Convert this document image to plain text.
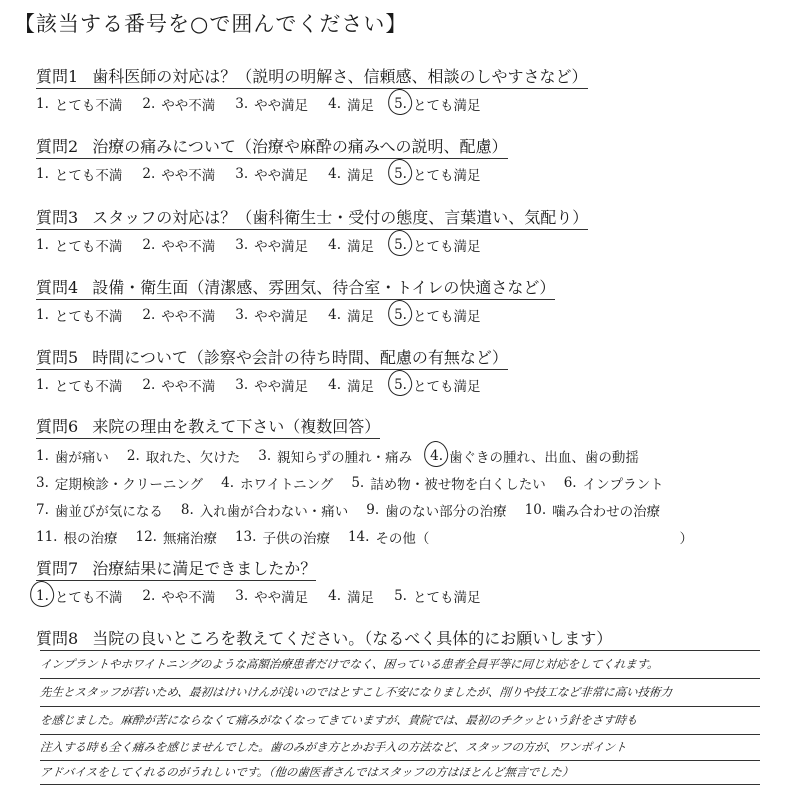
【該当する番号を○で囲んでください】
質問1 歯科医師の対応は？（説明の明解さ、信頼感、相談のしやすさなど）
1. とても不満 2. やや不満 3. やや満足 4. 満足 5. とても満足
質問2 治療の痛みについて（治療や麻酔の痛みへの説明、配慮）
1. とても不満 2. やや不満 3. やや満足 4. 満足 5. とても満足
質問3 スタッフの対応は？（歯科衛生士・受付の態度、言葉遣い、気配り）
1. とても不満 2. やや不満 3. やや満足 4. 満足 5. とても満足
質問4 設備・衛生面（清潔感、雰囲気、待合室・トイレの快適さなど）
1. とても不満 2. やや不満 3. やや満足 4. 満足 5. とても満足
質問5 時間について（診察や会計の待ち時間、配慮の有無など）
1. とても不満 2. やや不満 3. やや満足 4. 満足 5. とても満足
質問6 来院の理由を教えて下さい（複数回答）
1. 歯が痛い 2. 取れた、欠けた 3. 親知らずの腫れ・痛み 4. 歯ぐきの腫れ、出血、歯の動揺
3. 定期検診・クリーニング 4. ホワイトニング 5. 詰め物・被せ物を白くしたい 6. インプラント
7. 歯並びが気になる 8. 入れ歯が合わない・痛い 9. 歯のない部分の治療 10. 噛み合わせの治療
11. 根の治療 12. 無痛治療 13. 子供の治療 14. その他（	）
質問7 治療結果に満足できましたか？
1. とても不満 2. やや不満 3. やや満足 4. 満足 5. とても満足
質問8 当院の良いところを教えてください。（なるべく具体的にお願いします）
インプラントやホワイトニングのような高額治療患者だけでなく、困っている患者全員平等に同じ対応をしてくれます。
先生とスタッフが若いため、最初はけいけんが浅いのではとすこし不安になりましたが、削りや技工など非常に高い技術力
を感じました。麻酔が苦にならなくて痛みがなくなってきていますが、貴院では、最初のチクッという針をさす時も
注入する時も全く痛みを感じませんでした。歯のみがき方とかお手入の方法など、スタッフの方が、ワンポイント
アドバイスをしてくれるのがうれしいです。（他の歯医者さんではスタッフの方はほとんど無言でした）
